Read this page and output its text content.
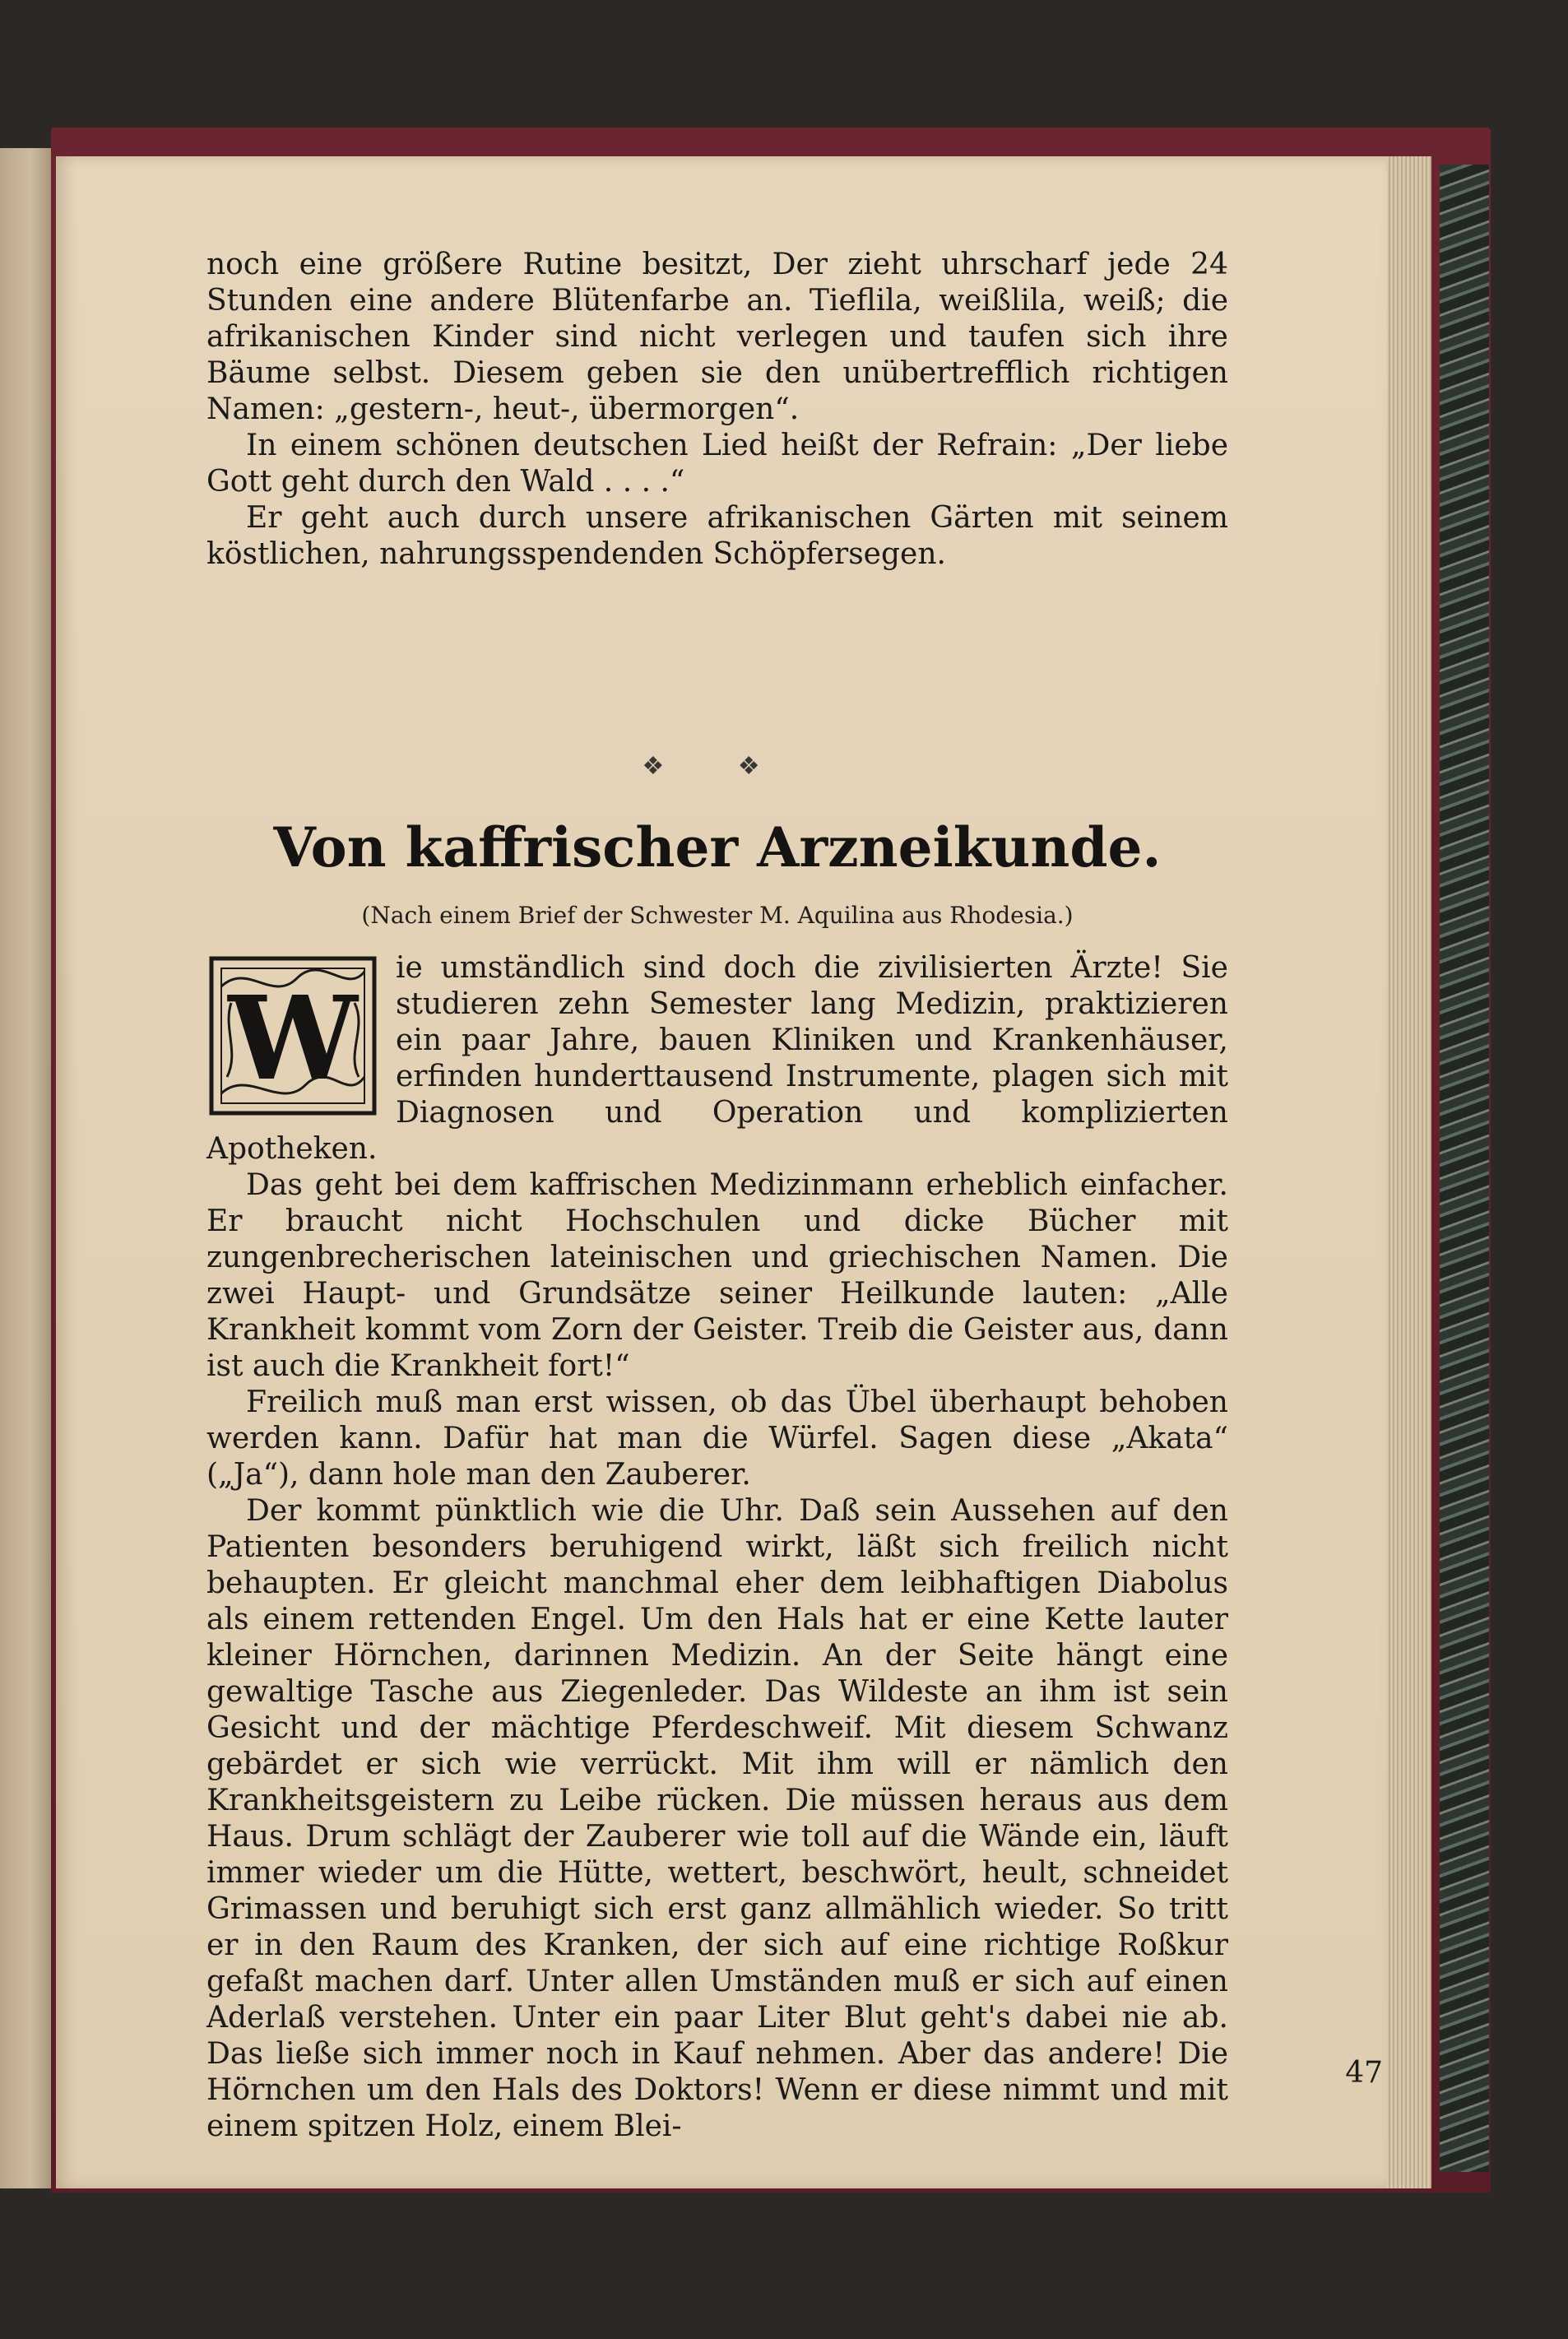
noch eine größere Rutine besitzt, Der zieht uhrscharf jede 24 Stunden eine andere Blütenfarbe an. Tieflila, weißlila, weiß; die afrikanischen Kinder sind nicht verlegen und taufen sich ihre Bäume selbst. Diesem geben sie den unübertrefflich richtigen Namen: „gestern-, heut-, übermorgen“.

In einem schönen deutschen Lied heißt der Refrain: „Der liebe Gott geht durch den Wald . . . .“

Er geht auch durch unsere afrikanischen Gärten mit seinem köstlichen, nahrungsspendenden Schöpfersegen.

❖ ❖
Von kaffrischer Arzneikunde.
(Nach einem Brief der Schwester M. Aquilina aus Rhodesia.)
W

ie umständlich sind doch die zivilisierten Ärzte! Sie studieren zehn Semester lang Medizin, praktizieren ein paar Jahre, bauen Kliniken und Krankenhäuser, erfinden hunderttausend Instrumente, plagen sich mit Diagnosen und Operation und komplizierten Apotheken.

Das geht bei dem kaffrischen Medizinmann erheblich einfacher. Er braucht nicht Hochschulen und dicke Bücher mit zungenbrecherischen lateinischen und griechischen Namen. Die zwei Haupt- und Grundsätze seiner Heilkunde lauten: „Alle Krankheit kommt vom Zorn der Geister. Treib die Geister aus, dann ist auch die Krankheit fort!“

Freilich muß man erst wissen, ob das Übel überhaupt behoben werden kann. Dafür hat man die Würfel. Sagen diese „Akata“ („Ja“), dann hole man den Zauberer.

Der kommt pünktlich wie die Uhr. Daß sein Aussehen auf den Patienten besonders beruhigend wirkt, läßt sich freilich nicht behaupten. Er gleicht manchmal eher dem leibhaftigen Diabolus als einem rettenden Engel. Um den Hals hat er eine Kette lauter kleiner Hörnchen, darinnen Medizin. An der Seite hängt eine gewaltige Tasche aus Ziegenleder. Das Wildeste an ihm ist sein Gesicht und der mächtige Pferdeschweif. Mit diesem Schwanz gebärdet er sich wie verrückt. Mit ihm will er nämlich den Krankheitsgeistern zu Leibe rücken. Die müssen heraus aus dem Haus. Drum schlägt der Zauberer wie toll auf die Wände ein, läuft immer wieder um die Hütte, wettert, beschwört, heult, schneidet Grimassen und beruhigt sich erst ganz allmählich wieder. So tritt er in den Raum des Kranken, der sich auf eine richtige Roßkur gefaßt machen darf. Unter allen Umständen muß er sich auf einen Aderlaß verstehen. Unter ein paar Liter Blut geht's dabei nie ab. Das ließe sich immer noch in Kauf nehmen. Aber das andere! Die Hörnchen um den Hals des Doktors! Wenn er diese nimmt und mit einem spitzen Holz, einem Blei-

47
